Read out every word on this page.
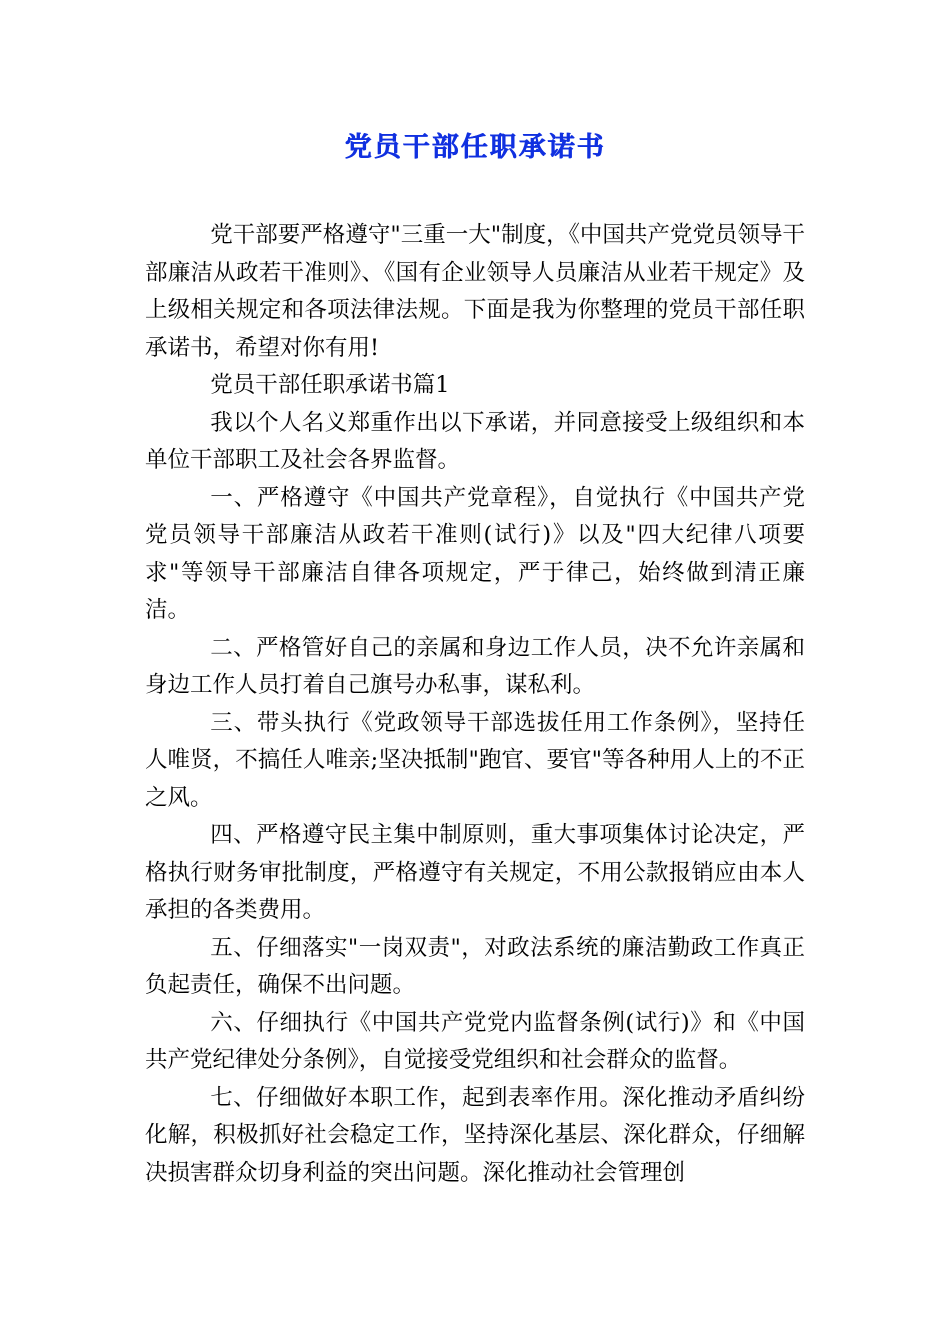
党员干部任职承诺书

党干部要严格遵守"三重一大"制度，《中国共产党党员领导干部廉洁从政若干准则》、《国有企业领导人员廉洁从业若干规定》及上级相关规定和各项法律法规。下面是我为你整理的党员干部任职承诺书，希望对你有用!

党员干部任职承诺书篇1

我以个人名义郑重作出以下承诺，并同意接受上级组织和本单位干部职工及社会各界监督。

一、严格遵守《中国共产党章程》，自觉执行《中国共产党党员领导干部廉洁从政若干准则(试行)》以及"四大纪律八项要求"等领导干部廉洁自律各项规定，严于律己，始终做到清正廉洁。

二、严格管好自己的亲属和身边工作人员，决不允许亲属和身边工作人员打着自己旗号办私事，谋私利。

三、带头执行《党政领导干部选拔任用工作条例》，坚持任人唯贤，不搞任人唯亲;坚决抵制"跑官、要官"等各种用人上的不正之风。

四、严格遵守民主集中制原则，重大事项集体讨论决定，严格执行财务审批制度，严格遵守有关规定，不用公款报销应由本人承担的各类费用。

五、仔细落实"一岗双责"，对政法系统的廉洁勤政工作真正负起责任，确保不出问题。

六、仔细执行《中国共产党党内监督条例(试行)》和《中国共产党纪律处分条例》，自觉接受党组织和社会群众的监督。

七、仔细做好本职工作，起到表率作用。深化推动矛盾纠纷化解，积极抓好社会稳定工作，坚持深化基层、深化群众，仔细解决损害群众切身利益的突出问题。深化推动社会管理创
